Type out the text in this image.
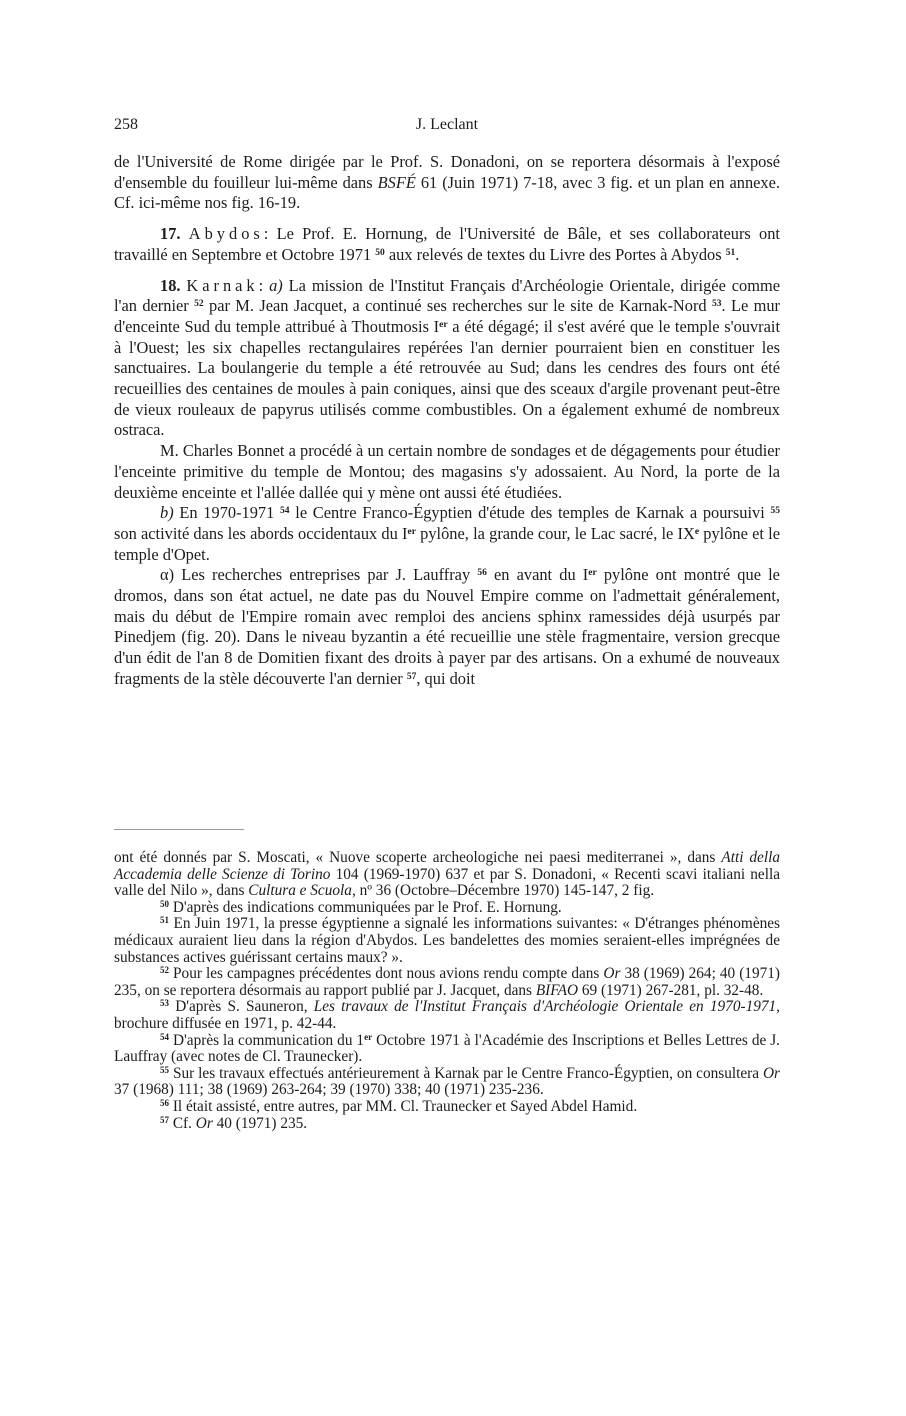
258	J. Leclant

de l'Université de Rome dirigée par le Prof. S. Donadoni, on se reportera désormais à l'exposé d'ensemble du fouilleur lui-même dans BSFÉ 61 (Juin 1971) 7-18, avec 3 fig. et un plan en annexe. Cf. ici-même nos fig. 16-19.

17. Abydos: Le Prof. E. Hornung, de l'Université de Bâle, et ses collaborateurs ont travaillé en Septembre et Octobre 1971 $^{50}$ aux relevés de textes du Livre des Portes à Abydos $^{51}$.

18. Karnak: a) La mission de l'Institut Français d'Archéologie Orientale, dirigée comme l'an dernier $^{52}$ par M. Jean Jacquet, a continué ses recherches sur le site de Karnak-Nord $^{53}$. Le mur d'enceinte Sud du temple attribué à Thoutmosis Ier a été dégagé; il s'est avéré que le temple s'ouvrait à l'Ouest; les six chapelles rectangulaires repérées l'an dernier pourraient bien en constituer les sanctuaires. La boulangerie du temple a été retrouvée au Sud; dans les cendres des fours ont été recueillies des centaines de moules à pain coniques, ainsi que des sceaux d'argile provenant peut-être de vieux rouleaux de papyrus utilisés comme combustibles. On a également exhumé de nombreux ostraca.

M. Charles Bonnet a procédé à un certain nombre de sondages et de dégagements pour étudier l'enceinte primitive du temple de Montou; des magasins s'y adossaient. Au Nord, la porte de la deuxième enceinte et l'allée dallée qui y mène ont aussi été étudiées.

b) En 1970-1971 $^{54}$ le Centre Franco-Égyptien d'étude des temples de Karnak a poursuivi $^{55}$ son activité dans les abords occidentaux du Ier pylône, la grande cour, le Lac sacré, le IXe pylône et le temple d'Opet.

α) Les recherches entreprises par J. Lauffray $^{56}$ en avant du Ier pylône ont montré que le dromos, dans son état actuel, ne date pas du Nouvel Empire comme on l'admettait généralement, mais du début de l'Empire romain avec remploi des anciens sphinx ramessides déjà usurpés par Pinedjem (fig. 20). Dans le niveau byzantin a été recueillie une stèle fragmentaire, version grecque d'un édit de l'an 8 de Domitien fixant des droits à payer par des artisans. On a exhumé de nouveaux fragments de la stèle découverte l'an dernier $^{57}$, qui doit

ont été donnés par S. Moscati, « Nuove scoperte archeologiche nei paesi mediterranei », dans Atti della Accademia delle Scienze di Torino 104 (1969-1970) 637 et par S. Donadoni, « Recenti scavi italiani nella valle del Nilo », dans Cultura e Scuola, nº 36 (Octobre–Décembre 1970) 145-147, 2 fig.

$^{50}$ D'après des indications communiquées par le Prof. E. Hornung.

$^{51}$ En Juin 1971, la presse égyptienne a signalé les informations suivantes: « D'étranges phénomènes médicaux auraient lieu dans la région d'Abydos. Les bandelettes des momies seraient-elles imprégnées de substances actives guérissant certains maux? ».

$^{52}$ Pour les campagnes précédentes dont nous avions rendu compte dans Or 38 (1969) 264; 40 (1971) 235, on se reportera désormais au rapport publié par J. Jacquet, dans BIFAO 69 (1971) 267-281, pl. 32-48.

$^{53}$ D'après S. Sauneron, Les travaux de l'Institut Français d'Archéologie Orientale en 1970-1971, brochure diffusée en 1971, p. 42-44.

$^{54}$ D'après la communication du 1er Octobre 1971 à l'Académie des Inscriptions et Belles Lettres de J. Lauffray (avec notes de Cl. Traunecker).

$^{55}$ Sur les travaux effectués antérieurement à Karnak par le Centre Franco-Égyptien, on consultera Or 37 (1968) 111; 38 (1969) 263-264; 39 (1970) 338; 40 (1971) 235-236.

$^{56}$ Il était assisté, entre autres, par MM. Cl. Traunecker et Sayed Abdel Hamid.

$^{57}$ Cf. Or 40 (1971) 235.
